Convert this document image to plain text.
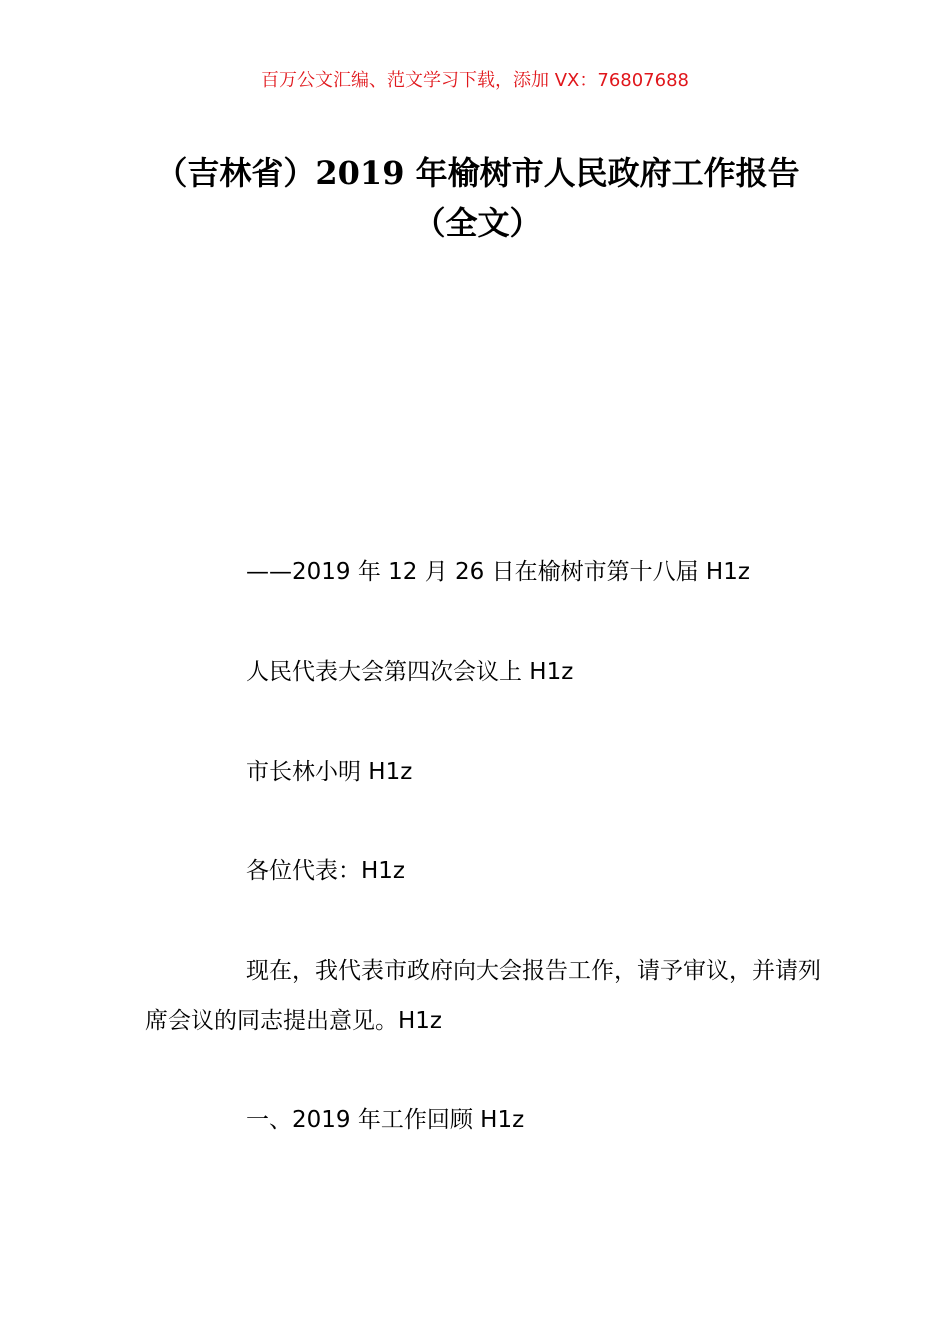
百万公文汇编、范文学习下载，添加 VX：76807688
（吉林省）2019 年榆树市人民政府工作报告（全文）
——2019 年 12 月 26 日在榆树市第十八届 H1z
人民代表大会第四次会议上 H1z
市长林小明 H1z
各位代表：H1z
现在，我代表市政府向大会报告工作，请予审议，并请列席会议的同志提出意见。H1z
一、2019 年工作回顾 H1z
